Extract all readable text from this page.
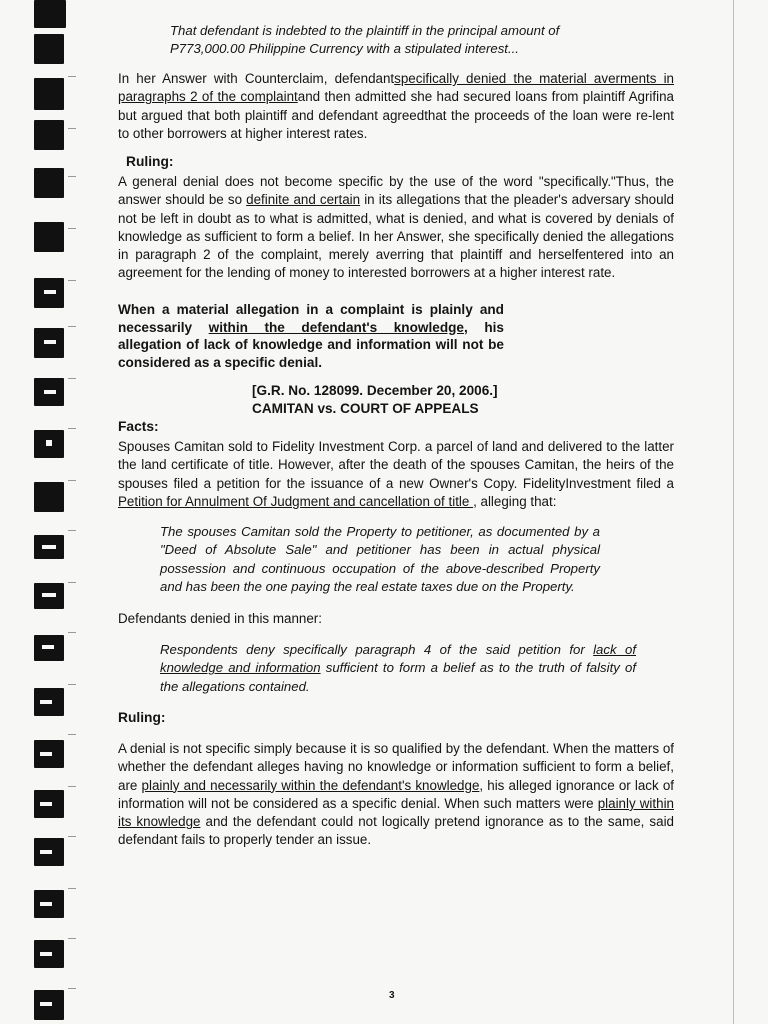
That defendant is indebted to the plaintiff in the principal amount of
P773,000.00 Philippine Currency with a stipulated interest...

In her Answer with Counterclaim, defendantspecifically denied the material averments in paragraphs 2 of the complaintand then admitted she had secured loans from plaintiff Agrifina but argued that both plaintiff and defendant agreedthat the proceeds of the loan were re-lent to other borrowers at higher interest rates.

Ruling:

A general denial does not become specific by the use of the word "specifically."Thus, the answer should be so definite and certain in its allegations that the pleader's adversary should not be left in doubt as to what is admitted, what is denied, and what is covered by denials of knowledge as sufficient to form a belief. In her Answer, she specifically denied the allegations in paragraph 2 of the complaint, merely averring that plaintiff and herselfentered into an agreement for the lending of money to interested borrowers at a higher interest rate.

When a material allegation in a complaint is plainly and necessarily within the defendant's knowledge, his allegation of lack of knowledge and information will not be considered as a specific denial.

[G.R. No. 128099. December 20, 2006.]
CAMITAN vs. COURT OF APPEALS

Facts:

Spouses Camitan sold to Fidelity Investment Corp. a parcel of land and delivered to the latter the land certificate of title. However, after the death of the spouses Camitan, the heirs of the spouses filed a petition for the issuance of a new Owner's Copy. FidelityInvestment filed a Petition for Annulment Of Judgment and cancellation of title , alleging that:

The spouses Camitan sold the Property to petitioner, as documented by a "Deed of Absolute Sale" and petitioner has been in actual physical possession and continuous occupation of the above-described Property and has been the one paying the real estate taxes due on the Property.

Defendants denied in this manner:

Respondents deny specifically paragraph 4 of the said petition for lack of knowledge and information sufficient to form a belief as to the truth of falsity of the allegations contained.

Ruling:

A denial is not specific simply because it is so qualified by the defendant. When the matters of whether the defendant alleges having no knowledge or information sufficient to form a belief, are plainly and necessarily within the defendant's knowledge, his alleged ignorance or lack of information will not be considered as a specific denial. When such matters were plainly within its knowledge and the defendant could not logically pretend ignorance as to the same, said defendant fails to properly tender an issue.

3
